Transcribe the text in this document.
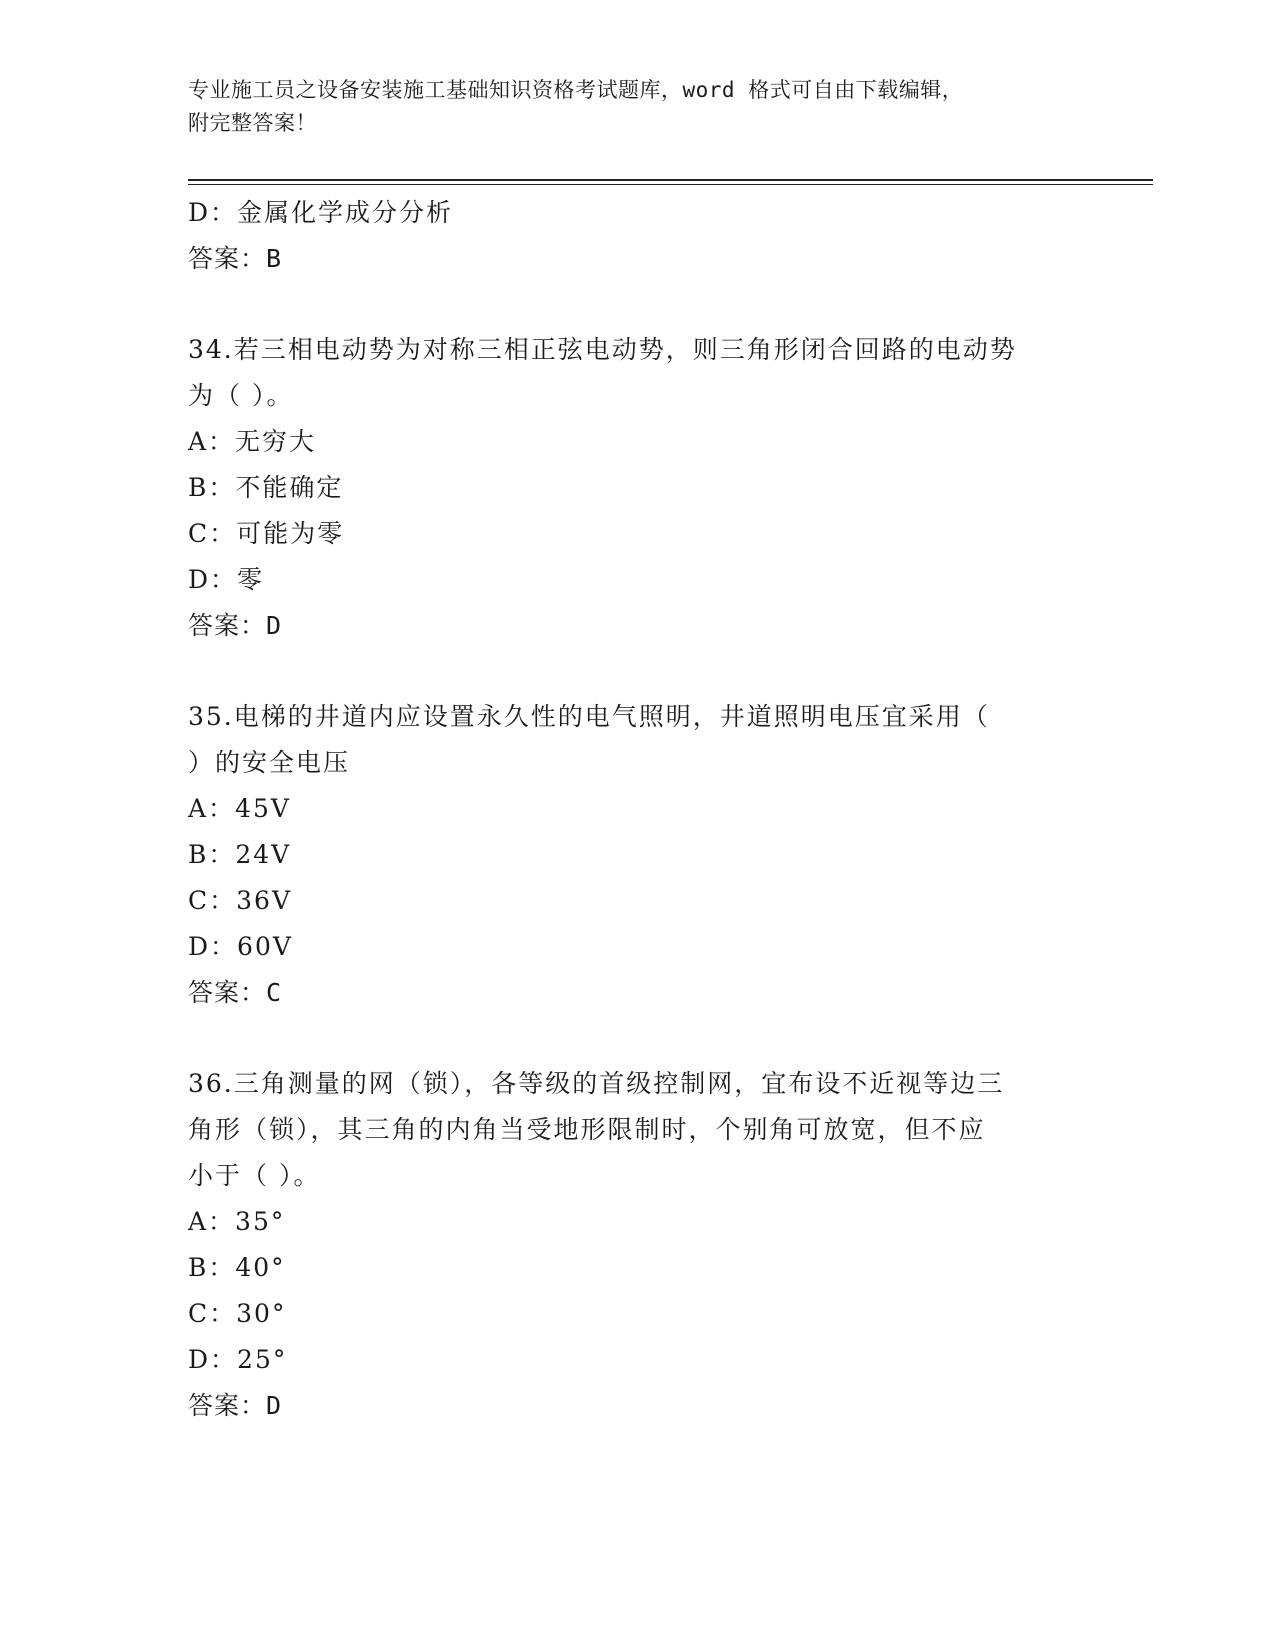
专业施工员之设备安装施工基础知识资格考试题库，word 格式可自由下载编辑，
附完整答案！
D：金属化学成分分析
答案：B
34.若三相电动势为对称三相正弦电动势，则三角形闭合回路的电动势
为（ ）。
A：无穷大
B：不能确定
C：可能为零
D：零
答案：D
35.电梯的井道内应设置永久性的电气照明，井道照明电压宜采用（
）的安全电压
A：45V
B：24V
C：36V
D：60V
答案：C
36.三角测量的网（锁），各等级的首级控制网，宜布设不近视等边三
角形（锁），其三角的内角当受地形限制时，个别角可放宽，但不应
小于（ ）。
A：35°
B：40°
C：30°
D：25°
答案：D
